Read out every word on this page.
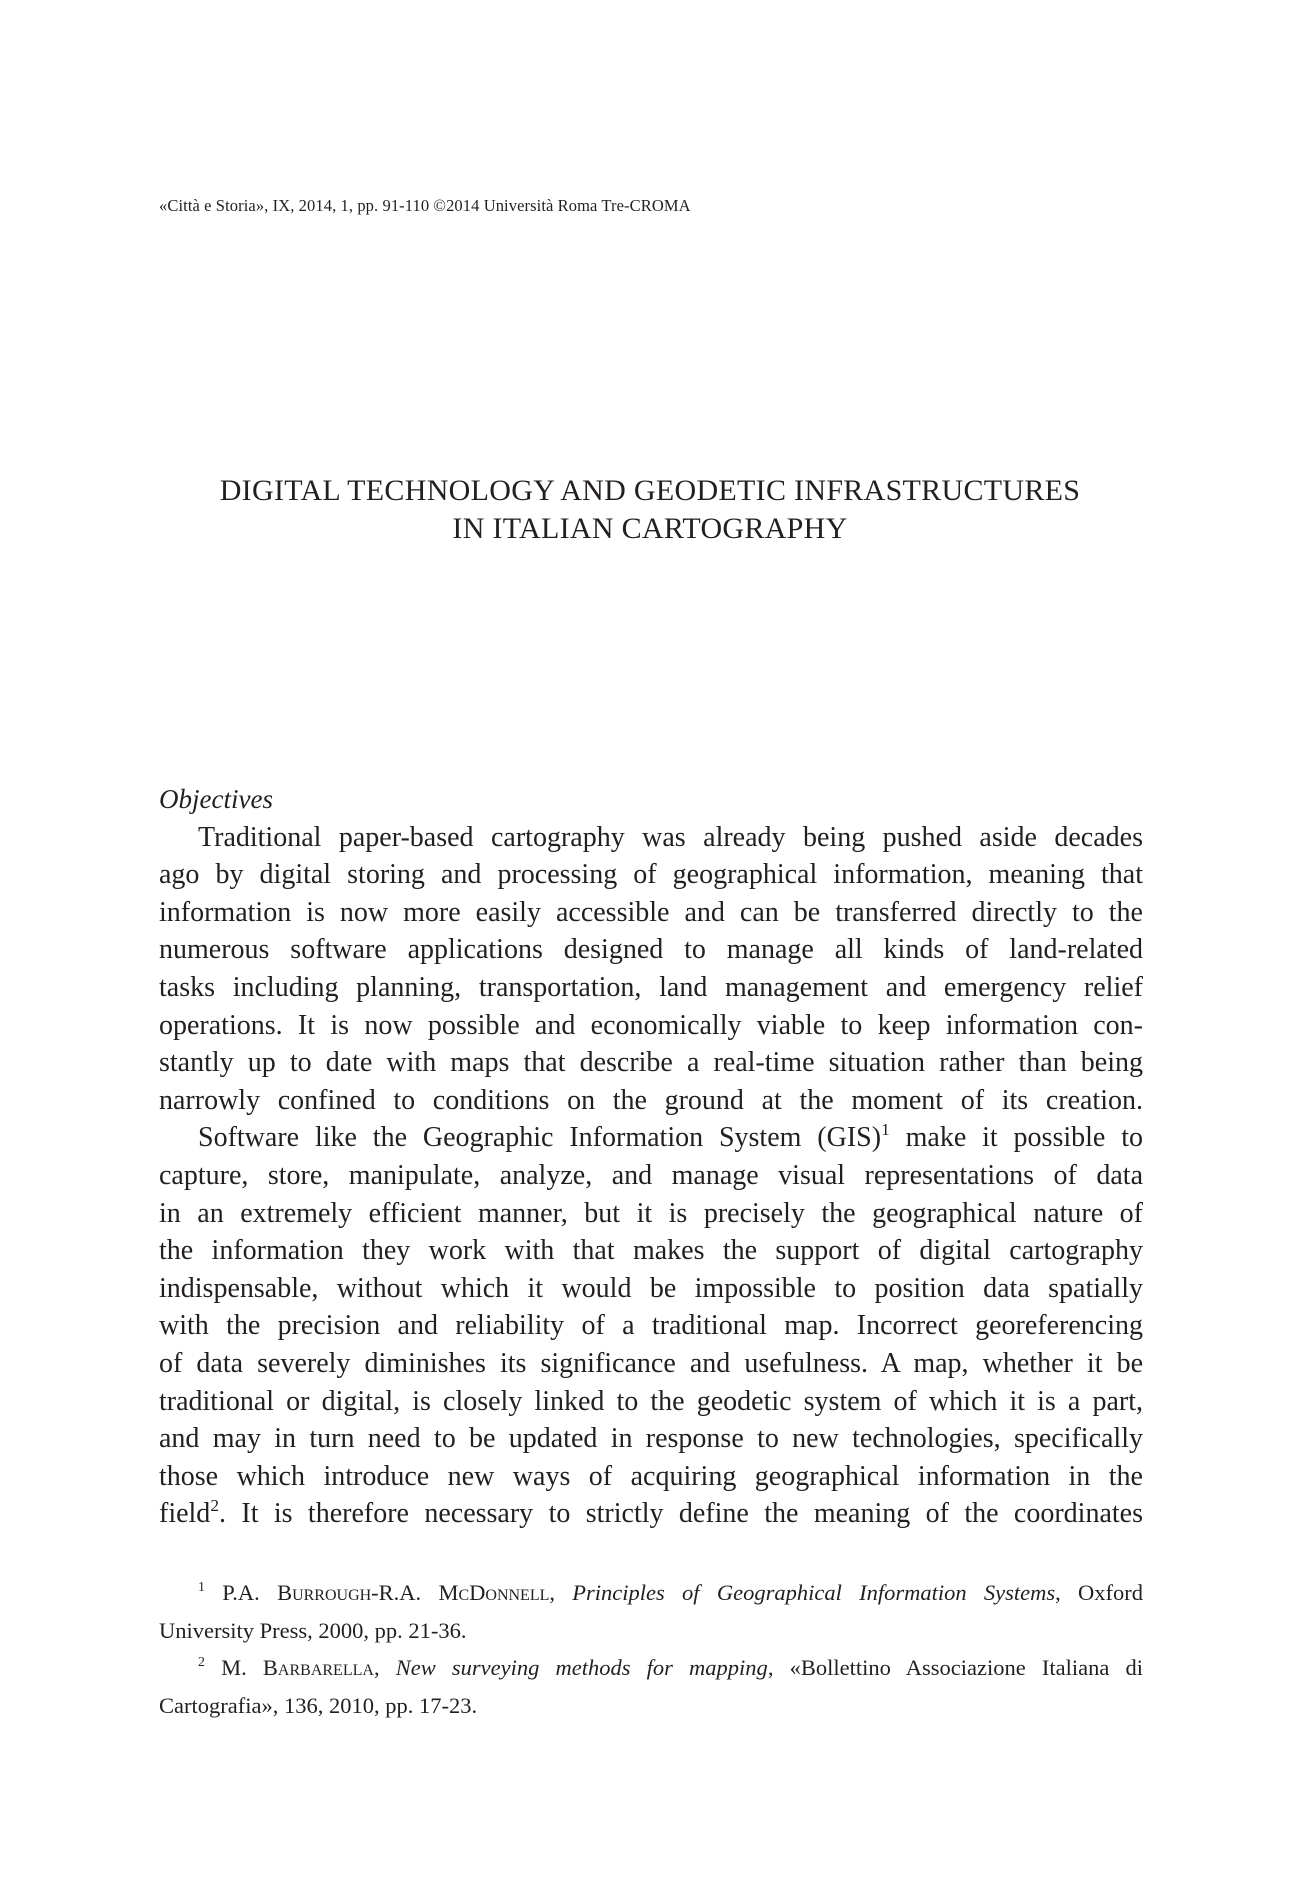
«Città e Storia», IX, 2014, 1, pp. 91-110 ©2014 Università Roma Tre-CROMA
DIGITAL TECHNOLOGY AND GEODETIC INFRASTRUCTURES
IN ITALIAN CARTOGRAPHY
Objectives
Traditional paper-based cartography was already being pushed aside decades
ago by digital storing and processing of geographical information, meaning that
information is now more easily accessible and can be transferred directly to the
numerous software applications designed to manage all kinds of land-related
tasks including planning, transportation, land management and emergency relief
operations. It is now possible and economically viable to keep information con-
stantly up to date with maps that describe a real-time situation rather than being
narrowly confined to conditions on the ground at the moment of its creation.
Software like the Geographic Information System (GIS)$^1$ make it possible to
capture, store, manipulate, analyze, and manage visual representations of data
in an extremely efficient manner, but it is precisely the geographical nature of
the information they work with that makes the support of digital cartography
indispensable, without which it would be impossible to position data spatially
with the precision and reliability of a traditional map. Incorrect georeferencing
of data severely diminishes its significance and usefulness. A map, whether it be
traditional or digital, is closely linked to the geodetic system of which it is a part,
and may in turn need to be updated in response to new technologies, specifically
those which introduce new ways of acquiring geographical information in the
field$^2$. It is therefore necessary to strictly define the meaning of the coordinates
$^1$ P.A. Burrough-R.A. McDonnell, Principles of Geographical Information Systems, Oxford
University Press, 2000, pp. 21-36.
$^2$ M. Barbarella, New surveying methods for mapping, «Bollettino Associazione Italiana di
Cartografia», 136, 2010, pp. 17-23.
